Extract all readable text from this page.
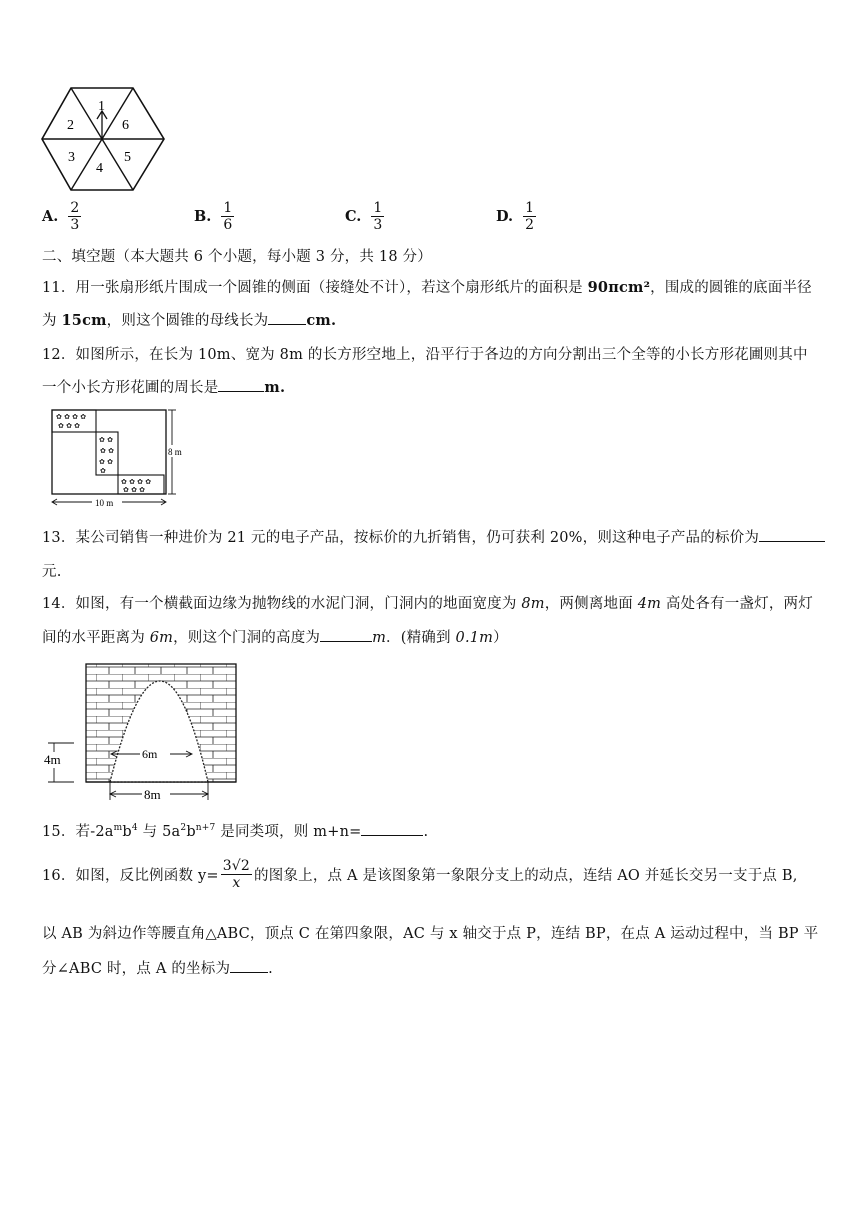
1
2
3
4
5
6
A. $\frac{2}{3}$	B. $\frac{1}{6}$	C. $\frac{1}{3}$	D. $\frac{1}{2}$
二、填空题（本大题共 6 个小题，每小题 3 分，共 18 分）
11．用一张扇形纸片围成一个圆锥的侧面（接缝处不计），若这个扇形纸片的面积是 90πcm²，围成的圆锥的底面半径
为 15cm，则这个圆锥的母线长为	cm.
12．如图所示，在长为 10m、宽为 8m 的长方形空地上，沿平行于各边的方向分割出三个全等的小长方形花圃则其中
一个小长方形花圃的周长是	m.
✿ ✿ ✿ ✿
✿ ✿ ✿
✿ ✿
✿ ✿
✿ ✿
✿
✿ ✿ ✿ ✿
✿ ✿ ✿
8 m
10 m
13．某公司销售一种进价为 21 元的电子产品，按标价的九折销售，仍可获利 20%，则这种电子产品的标价为
元.
14．如图，有一个横截面边缘为抛物线的水泥门洞，门洞内的地面宽度为 8m，两侧离地面 4m 高处各有一盏灯，两灯
间的水平距离为 6m，则这个门洞的高度为	m．(精确到 0.1m）
6m
4m
8m
15．若$-2a^mb^4$ 与 $5a^2b^{n+7}$ 是同类项，则 m+n=	.
16．如图，反比例函数 $y= \frac{3√2}{x}$ 的图象上，点 A 是该图象第一象限分支上的动点，连结 AO 并延长交另一支于点 B,
以 AB 为斜边作等腰直角△ABC，顶点 C 在第四象限，AC 与 x 轴交于点 P，连结 BP，在点 A 运动过程中，当 BP 平
分∠ABC 时，点 A 的坐标为	.
